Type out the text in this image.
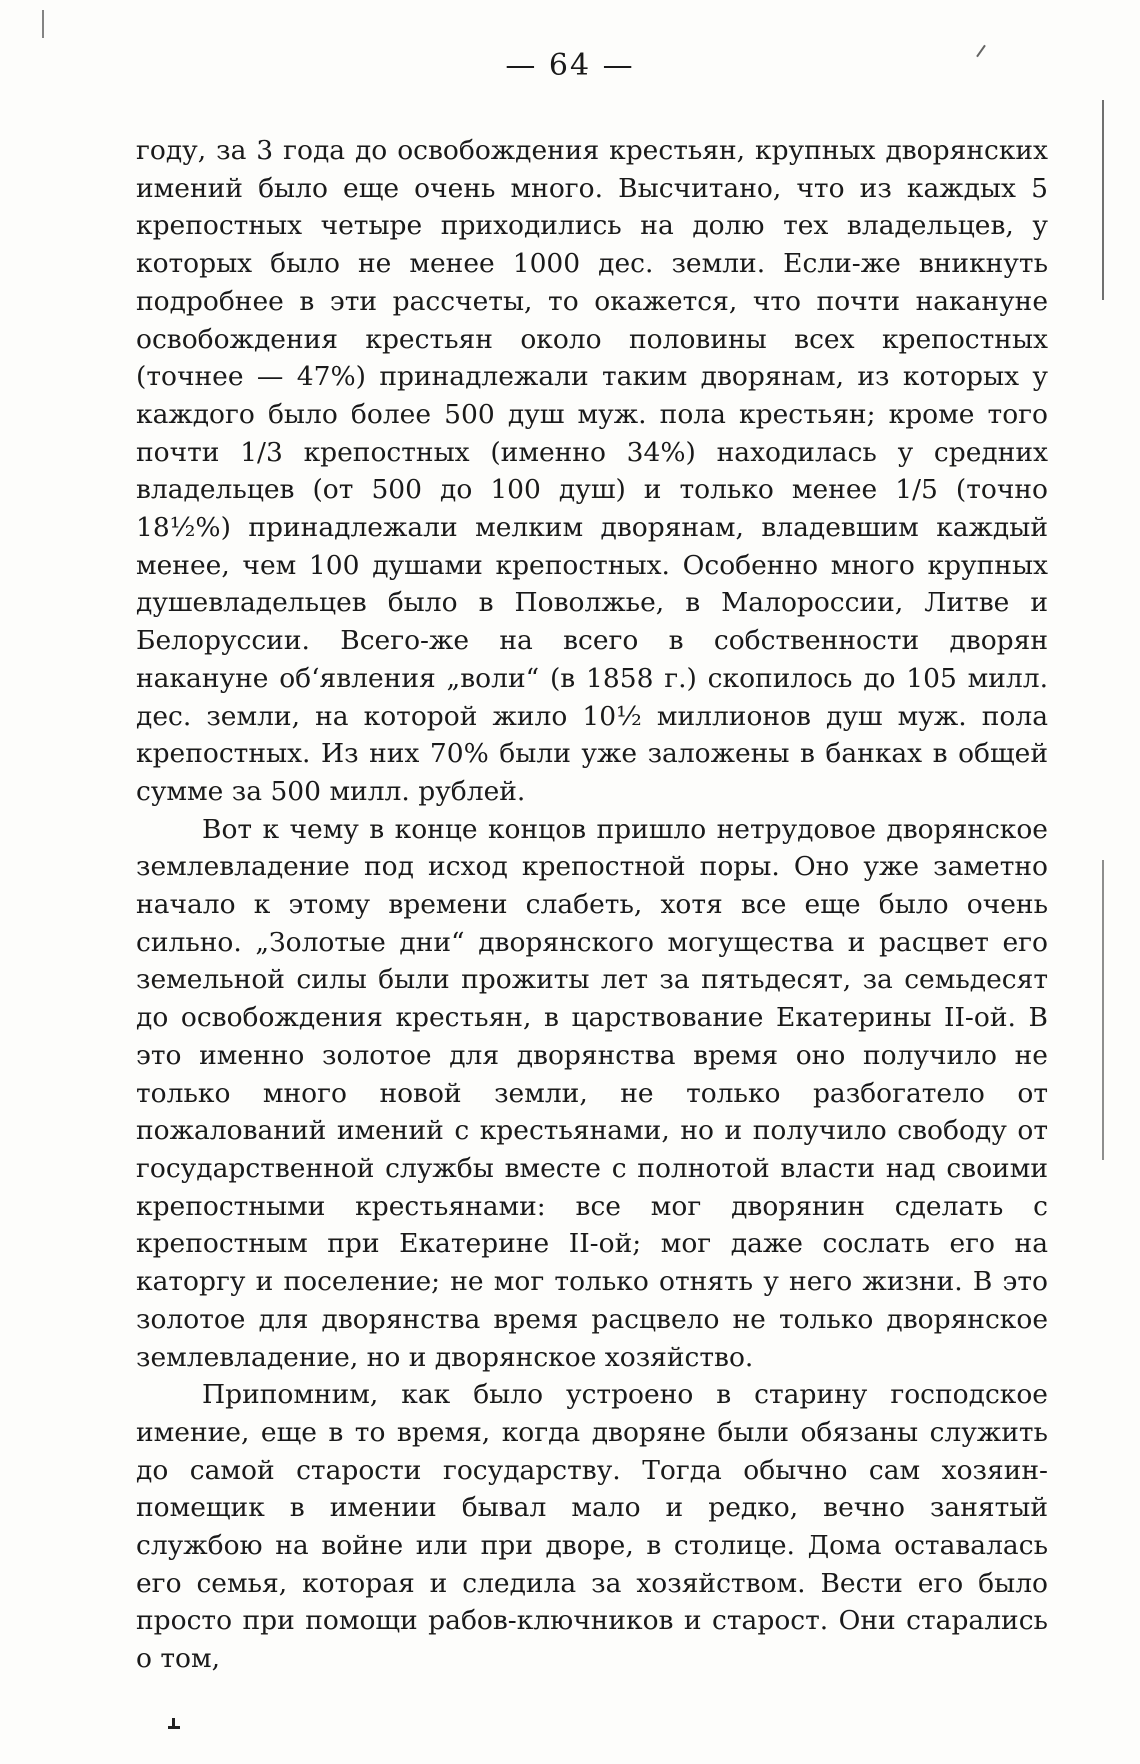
— 64 —

году, за 3 года до освобождения крестьян, крупных дворянских имений было еще очень много. Высчитано, что из каждых 5 крепостных четыре приходились на долю тех владельцев, у которых было не менее 1000 дес. земли. Если-же вникнуть подробнее в эти рассчеты, то окажется, что почти накануне освобождения крестьян около половины всех крепостных (точнее — 47%) принадлежали таким дворянам, из которых у каждого было более 500 душ муж. пола крестьян; кроме того почти 1/3 крепостных (именно 34%) находилась у средних владельцев (от 500 до 100 душ) и только менее 1/5 (точно 18½%) принадлежали мелким дворянам, владевшим каждый менее, чем 100 душами крепостных. Особенно много крупных душевладельцев было в Поволжье, в Малороссии, Литве и Белоруссии. Всего-же на всего в собственности дворян накануне об‘явления „воли“ (в 1858 г.) скопилось до 105 милл. дес. земли, на которой жило 10½ миллионов душ муж. пола крепостных. Из них 70% были уже заложены в банках в общей сумме за 500 милл. рублей.

Вот к чему в конце концов пришло нетрудовое дворянское землевладение под исход крепостной поры. Оно уже заметно начало к этому времени слабеть, хотя все еще было очень сильно. „Золотые дни“ дворянского могущества и расцвет его земельной силы были прожиты лет за пятьдесят, за семьдесят до освобождения крестьян, в царствование Екатерины II-ой. В это именно золотое для дворянства время оно получило не только много новой земли, не только разбогатело от пожалований имений с крестьянами, но и получило свободу от государственной службы вместе с полнотой власти над своими крепостными крестьянами: все мог дворянин сделать с крепостным при Екатерине II-ой; мог даже сослать его на каторгу и поселение; не мог только отнять у него жизни. В это золотое для дворянства время расцвело не только дворянское землевладение, но и дворянское хозяйство.

Припомним, как было устроено в старину господское имение, еще в то время, когда дворяне были обязаны служить до самой старости государству. Тогда обычно сам хозяин-помещик в имении бывал мало и редко, вечно занятый службою на войне или при дворе, в столице. Дома оставалась его семья, которая и следила за хозяйством. Вести его было просто при помощи рабов-ключников и старост. Они старались о том,
